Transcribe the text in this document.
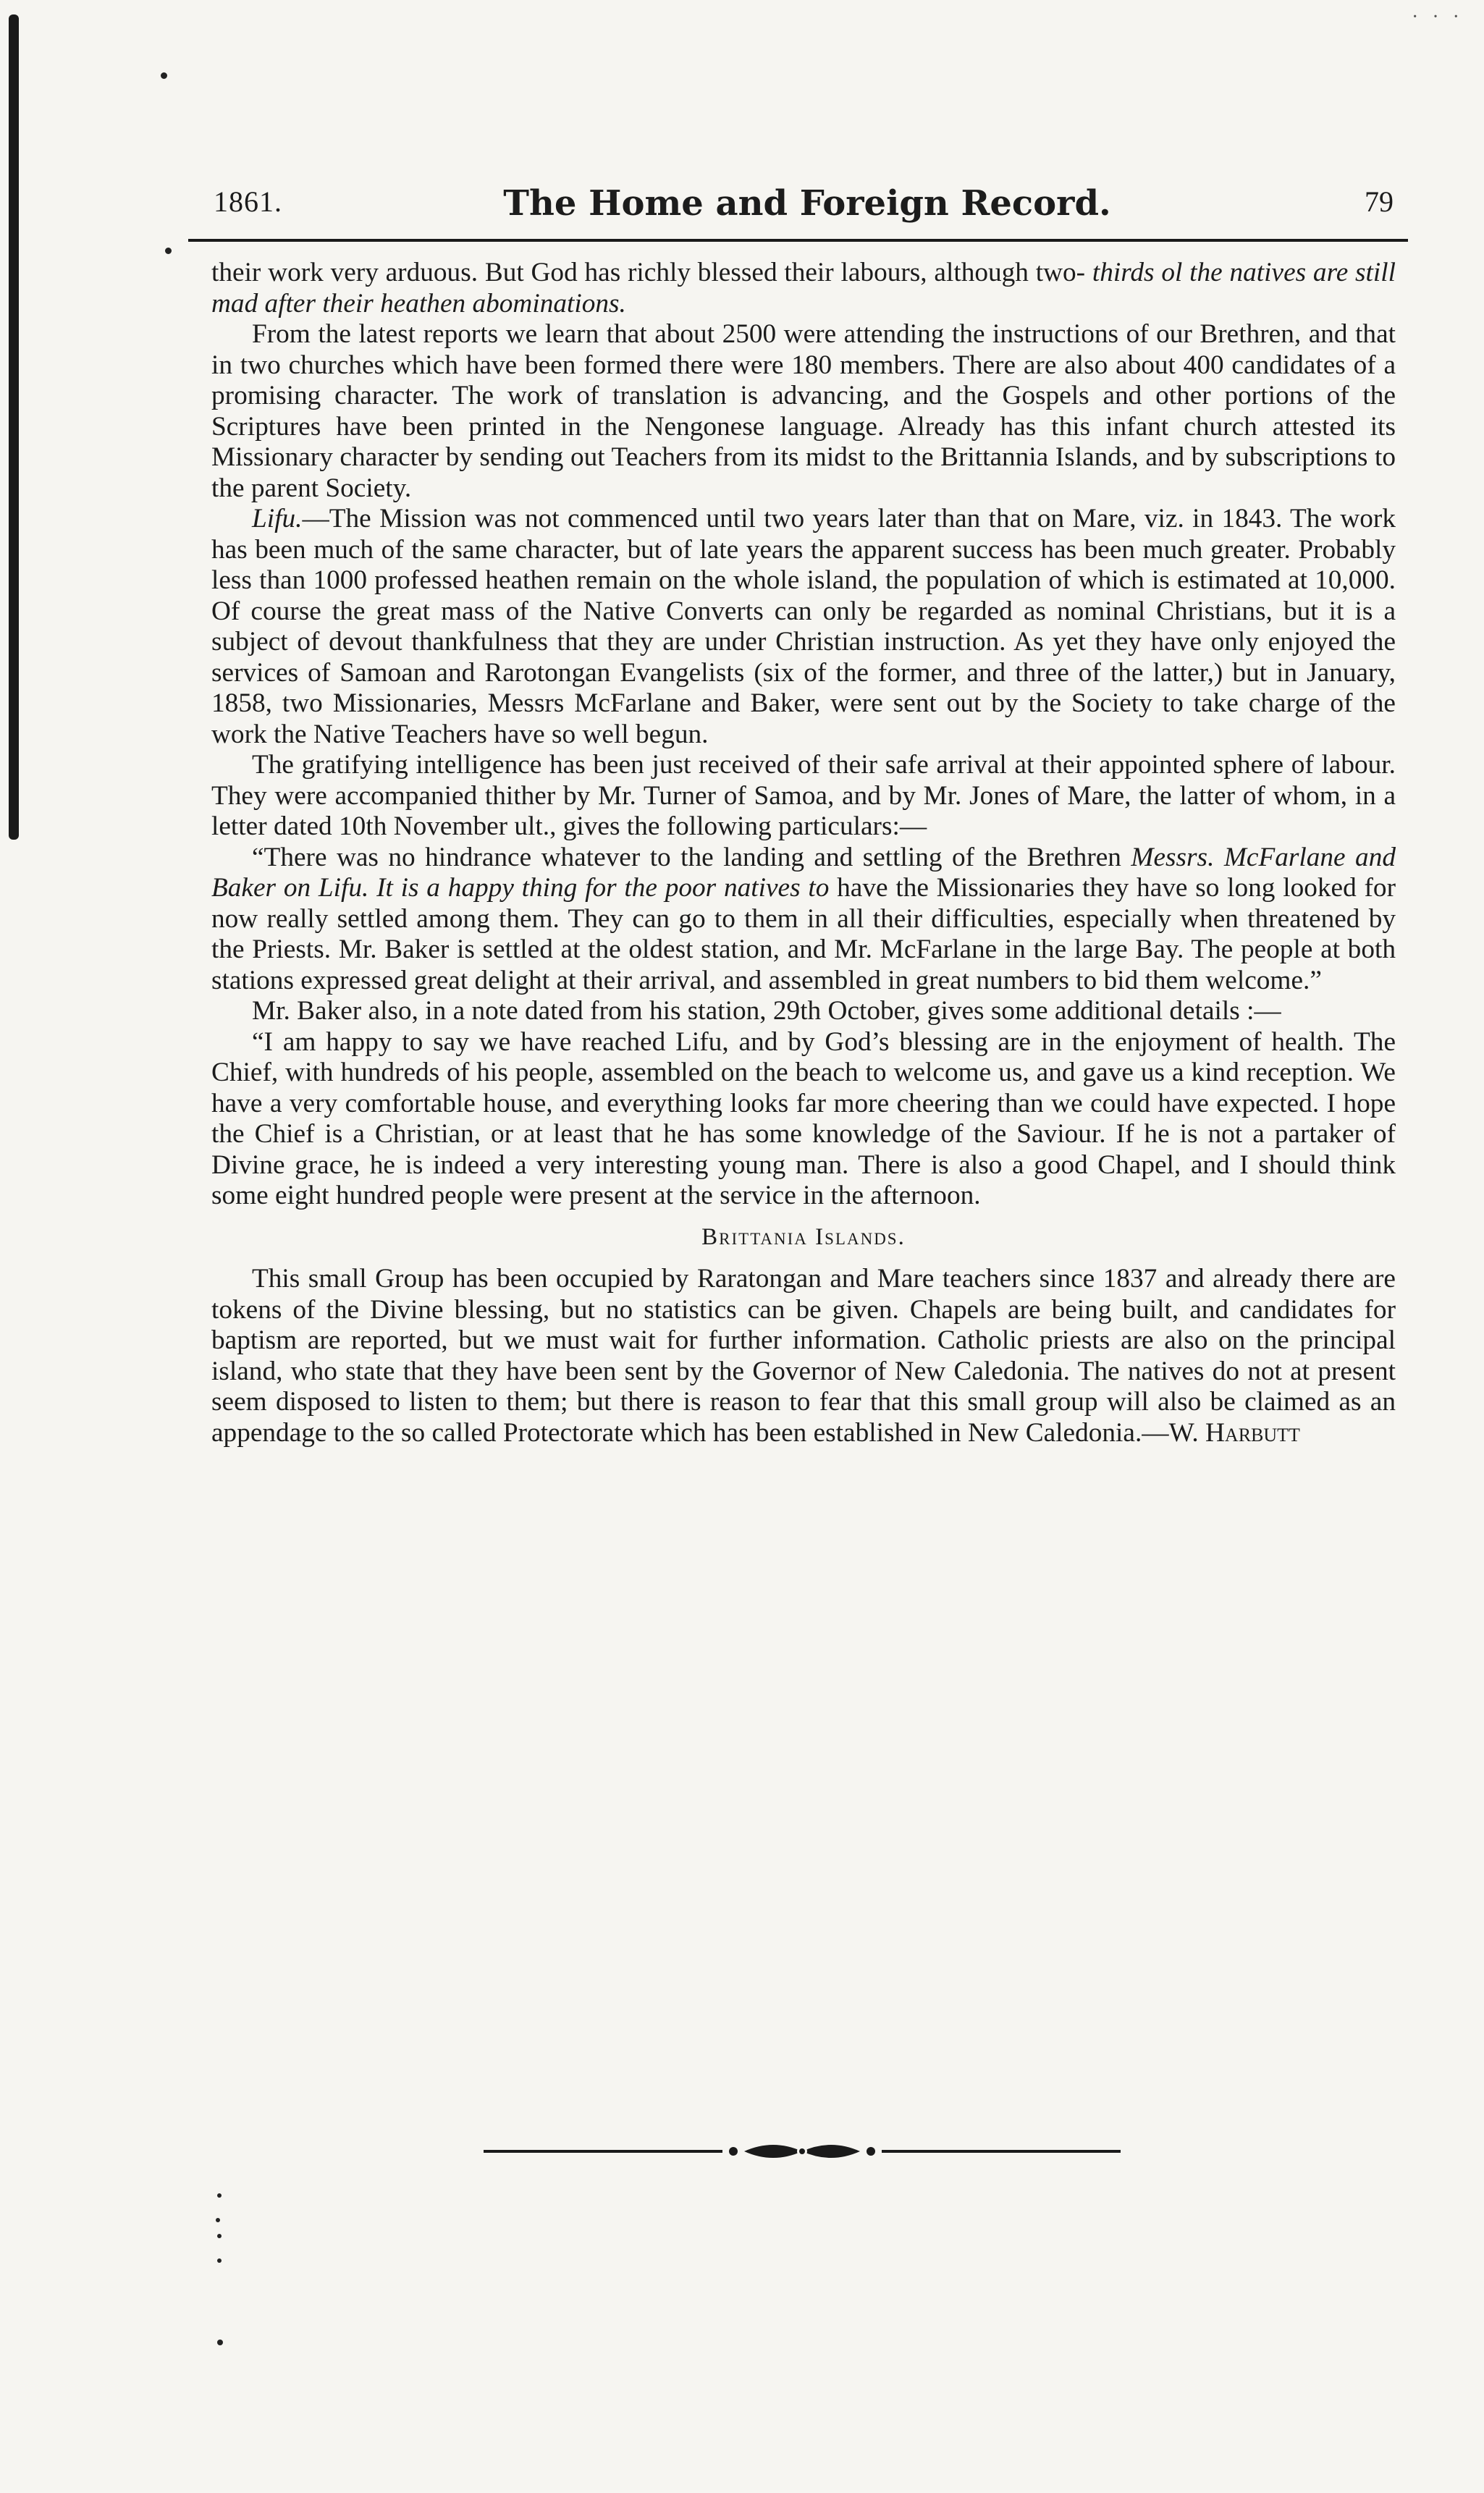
· · ·
1861.	The Home and Foreign Record.	79

their work very arduous. But God has richly blessed their labours, although two- thirds ol the natives are still mad after their heathen abominations.

From the latest reports we learn that about 2500 were attending the instructions of our Brethren, and that in two churches which have been formed there were 180 members. There are also about 400 candidates of a promising character. The work of translation is advancing, and the Gospels and other portions of the Scriptures have been printed in the Nengonese language. Already has this infant church attested its Missionary character by sending out Teachers from its midst to the Brittannia Islands, and by subscriptions to the parent Society.

Lifu.—The Mission was not commenced until two years later than that on Mare, viz. in 1843. The work has been much of the same character, but of late years the apparent success has been much greater. Probably less than 1000 professed heathen remain on the whole island, the population of which is estimated at 10,000. Of course the great mass of the Native Converts can only be regarded as nominal Christians, but it is a subject of devout thankfulness that they are under Christian instruction. As yet they have only enjoyed the services of Samoan and Rarotongan Evangelists (six of the former, and three of the latter,) but in January, 1858, two Missionaries, Messrs McFarlane and Baker, were sent out by the Society to take charge of the work the Native Teachers have so well begun.

The gratifying intelligence has been just received of their safe arrival at their appointed sphere of labour. They were accompanied thither by Mr. Turner of Samoa, and by Mr. Jones of Mare, the latter of whom, in a letter dated 10th November ult., gives the following particulars:—

“There was no hindrance whatever to the landing and settling of the Brethren Messrs. McFarlane and Baker on Lifu. It is a happy thing for the poor natives to have the Missionaries they have so long looked for now really settled among them. They can go to them in all their difficulties, especially when threatened by the Priests. Mr. Baker is settled at the oldest station, and Mr. McFarlane in the large Bay. The people at both stations expressed great delight at their arrival, and assembled in great numbers to bid them welcome.”

Mr. Baker also, in a note dated from his station, 29th October, gives some additional details :—

“I am happy to say we have reached Lifu, and by God’s blessing are in the enjoyment of health. The Chief, with hundreds of his people, assembled on the beach to welcome us, and gave us a kind reception. We have a very comfortable house, and everything looks far more cheering than we could have expected. I hope the Chief is a Christian, or at least that he has some knowledge of the Saviour. If he is not a partaker of Divine grace, he is indeed a very interesting young man. There is also a good Chapel, and I should think some eight hundred people were present at the service in the afternoon.

Brittania Islands.

This small Group has been occupied by Raratongan and Mare teachers since 1837 and already there are tokens of the Divine blessing, but no statistics can be given. Chapels are being built, and candidates for baptism are reported, but we must wait for further information. Catholic priests are also on the principal island, who state that they have been sent by the Governor of New Caledonia. The natives do not at present seem disposed to listen to them; but there is reason to fear that this small group will also be claimed as an appendage to the so called Protectorate which has been established in New Caledonia.—W. Harbutt
